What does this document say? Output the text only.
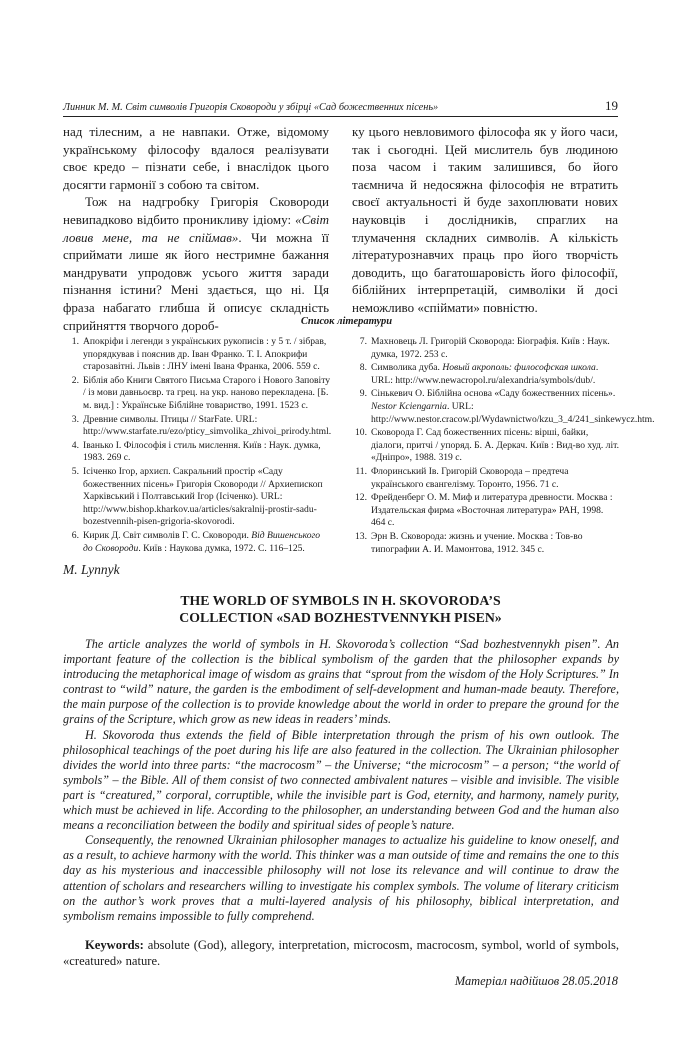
Линник М. М. Світ символів Григорія Сковороди у збірці «Сад божественних пісень»	19

над тілесним, а не навпаки. Отже, відомому українському філософу вдалося реалізувати своє кредо – пізнати себе, і внаслідок цього досягти гармонії з собою та світом.

Тож на надгробку Григорія Сковороди невипадково відбито проникливу ідіому: «Світ ловив мене, та не спіймав». Чи можна її сприймати лише як його нестримне бажання мандрувати упродовж усього життя заради пізнання істини? Мені здається, що ні. Ця фраза набагато глибша й описує складність сприйняття творчого дороб-

ку цього невловимого філософа як у його часи, так і сьогодні. Цей мислитель був людиною поза часом і таким залишився, бо його таємнича й недосяжна філософія не втратить своєї актуальності й буде захоплювати нових науковців і дослідників, спраглих на тлумачення складних символів. А кількість літературознавчих праць про його творчість доводить, що багатошаровість його філософії, біблійних інтерпретацій, символіки й досі неможливо «спіймати» повністю.

Список літератури
1. Апокріфи і легенди з українських рукописів : у 5 т. / зібрав, упорядкував і пояснив др. Іван Франко. Т. I. Апокрифи старозавітні. Львів : ЛНУ імені Івана Франка, 2006. 559 с.
2. Біблія або Книги Святого Письма Старого і Нового Заповіту / із мови давньоєвр. та грец. на укр. наново перекладена. [Б. м. вид.] : Українське Біблійне товариство, 1991. 1523 с.
3. Древние символы. Птицы // StarFate. URL: http://www.starfate.ru/ezo/pticy_simvolika_zhivoi_prirody.html.
4. Іванько І. Філософія і стиль мислення. Київ : Наук. думка, 1983. 269 с.
5. Ісіченко Ігор, архиєп. Сакральний простір «Саду божественних пісень» Григорія Сковороди // Архиепископ Харківський і Полтавський Ігор (Ісіченко). URL: http://www.bishop.kharkov.ua/articles/sakralnij-prostir-sadu-bozestvennih-pisen-grigoria-skovorodi.
6. Кирик Д. Світ символів Г. С. Сковороди. Від Вишенського до Сковороди. Київ : Наукова думка, 1972. С. 116–125.
7. Махновець Л. Григорій Сковорода: Біографія. Київ : Наук. думка, 1972. 253 с.
8. Символика дуба. Новый акрополь: философская школа. URL: http://www.newacropol.ru/alexandria/symbols/dub/.
9. Сінькевич О. Біблійна основа «Саду божественних пісень». Nestor Kciengarnia. URL: http://www.nestor.cracow.pl/Wydawnictwo/kzu_3_4/241_sinkewycz.htm.
10. Сковорода Г. Сад божественних пісень: вірші, байки, діалоги, притчі / упоряд. Б. А. Деркач. Київ : Вид-во худ. літ. «Дніпро», 1988. 319 с.
11. Флоринський Ів. Григорій Сковорода – предтеча українського євангелізму. Торонто, 1956. 71 с.
12. Фрейденберг О. М. Миф и литература древности. Москва : Издательская фирма «Восточная литература» РАН, 1998. 464 с.
13. Эрн В. Сковорода: жизнь и учение. Москва : Тов-во типографии А. И. Мамонтова, 1912. 345 с.
M. Lynnyk
THE WORLD OF SYMBOLS IN H. SKOVORODA’S
COLLECTION «SAD BOZHESTVENNYKH PISEN»

The article analyzes the world of symbols in H. Skovoroda’s collection “Sad bozhestvennykh pisen”. An important feature of the collection is the biblical symbolism of the garden that the philosopher expands by introducing the metaphorical image of wisdom as grains that “sprout from the wisdom of the Holy Scriptures.” In contrast to “wild” nature, the garden is the embodiment of self-development and human-made beauty. Therefore, the main purpose of the collection is to provide knowledge about the world in order to prepare the ground for the grains of the Scripture, which grow as new ideas in readers’ minds.

H. Skovoroda thus extends the field of Bible interpretation through the prism of his own outlook. The philosophical teachings of the poet during his life are also featured in the collection. The Ukrainian philosopher divides the world into three parts: “the macrocosm” – the Universe; “the microcosm” – a person; “the world of symbols” – the Bible. All of them consist of two connected ambivalent natures – visible and invisible. The visible part is “creatured,” corporal, corruptible, while the invisible part is God, eternity, and harmony, namely purity, which must be achieved in life. According to the philosopher, an understanding between God and the human also means a reconciliation between the bodily and spiritual sides of people’s nature.

Consequently, the renowned Ukrainian philosopher manages to actualize his guideline to know oneself, and as a result, to achieve harmony with the world. This thinker was a man outside of time and remains the one to this day as his mysterious and inaccessible philosophy will not lose its relevance and will continue to draw the attention of scholars and researchers willing to investigate his complex symbols. The volume of literary criticism on the author’s work proves that a multi-layered analysis of his philosophy, biblical interpretation, and symbolism remains impossible to fully comprehend.

Keywords: absolute (God), allegory, interpretation, microcosm, macrocosm, symbol, world of symbols, «creatured» nature.
Матеріал надійшов 28.05.2018
